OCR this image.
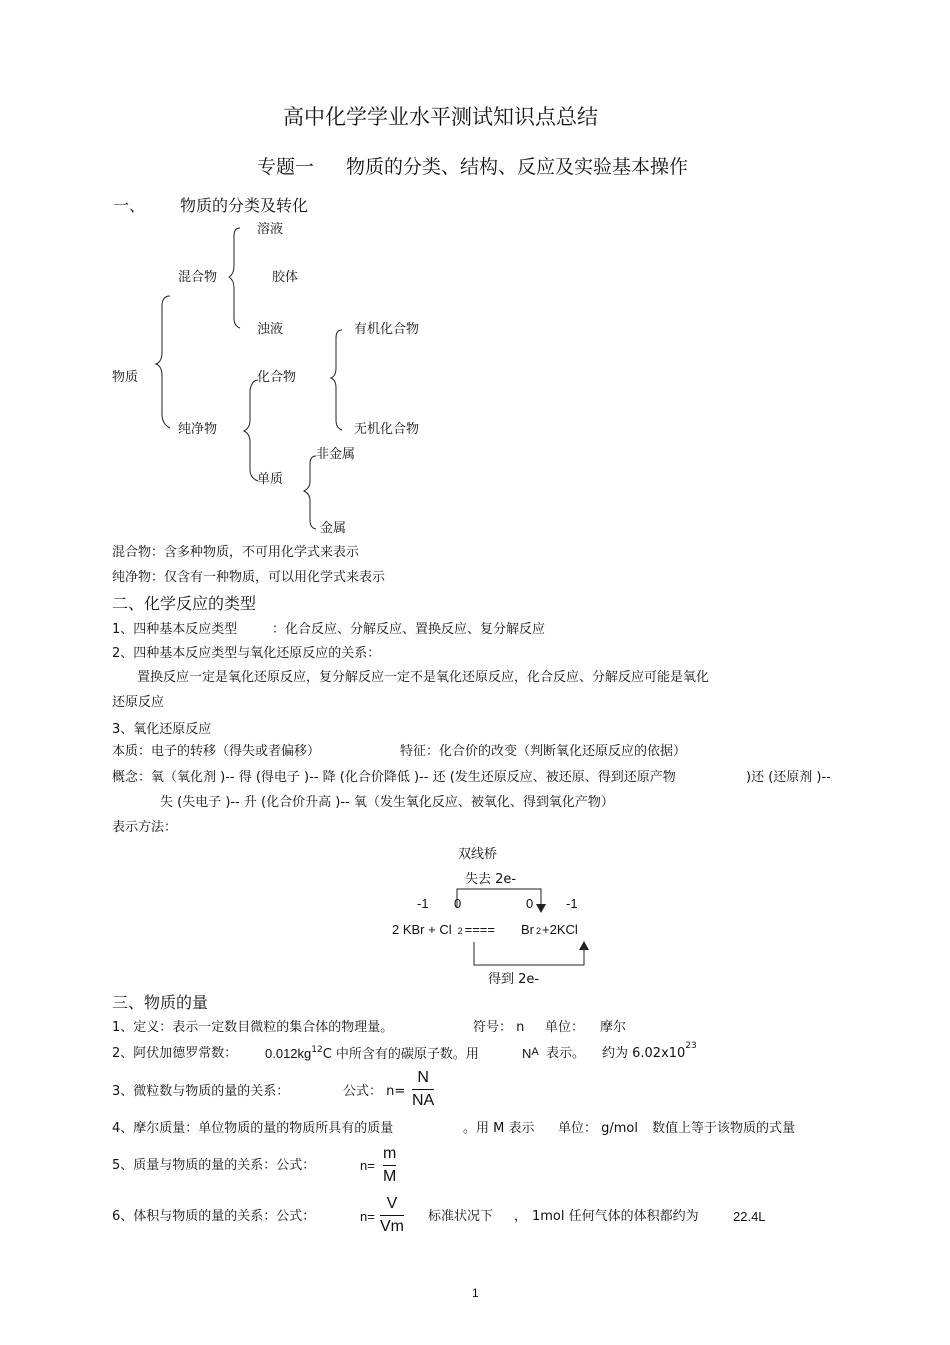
高中化学学业水平测试知识点总结
专题一 物质的分类、结构、反应及实验基本操作
一、 物质的分类及转化
物质
混合物
纯净物
溶液
胶体
浊液
化合物
有机化合物
无机化合物
单质
非金属
金属
混合物：含多种物质，不可用化学式来表示
纯净物：仅含有一种物质，可以用化学式来表示
二、化学反应的类型
1、四种基本反应类型	：化合反应、分解反应、置换反应、复分解反应
2、四种基本反应类型与氧化还原反应的关系：
置换反应一定是氧化还原反应，复分解反应一定不是氧化还原反应，化合反应、分解反应可能是氧化
还原反应
3、氧化还原反应
本质：电子的转移（得失或者偏移）	特征：化合价的改变（判断氧化还原反应的依据）
概念：氧（氧化剂 )-- 得 (得电子 )-- 降 (化合价降低 )-- 还 (发生还原反应、被还原、得到还原产物	)还 (还原剂 )--
失 (失电子 )-- 升 (化合价升高 )-- 氧（发生氧化反应、被氧化、得到氧化产物）
表示方法：
双线桥
失去 2e-
-1 0	0	-1
2 KBr + Cl 2 ==== Br 2+2KCl
得到 2e-
三、物质的量
1、定义：表示一定数目微粒的集合体的物理量。	符号： n 单位： 摩尔
2、阿伏加德罗常数： $0.012kg^{12}C$ 中所含有的碳原子数。用	$N^A$ 表示。 约为 $6.02x10^{23}$
3、微粒数与物质的量的关系：	公式： n=
N
NA
4、摩尔质量：单位物质的量的物质所具有的质量	。用 M 表示 单位： g/mol 数值上等于该物质的式量
5、质量与物质的量的关系：公式：	n=
m
M
6、体积与物质的量的关系：公式：	n=
V
Vm
标准状况下 ， 1mol 任何气体的体积都约为	22.4L
1
